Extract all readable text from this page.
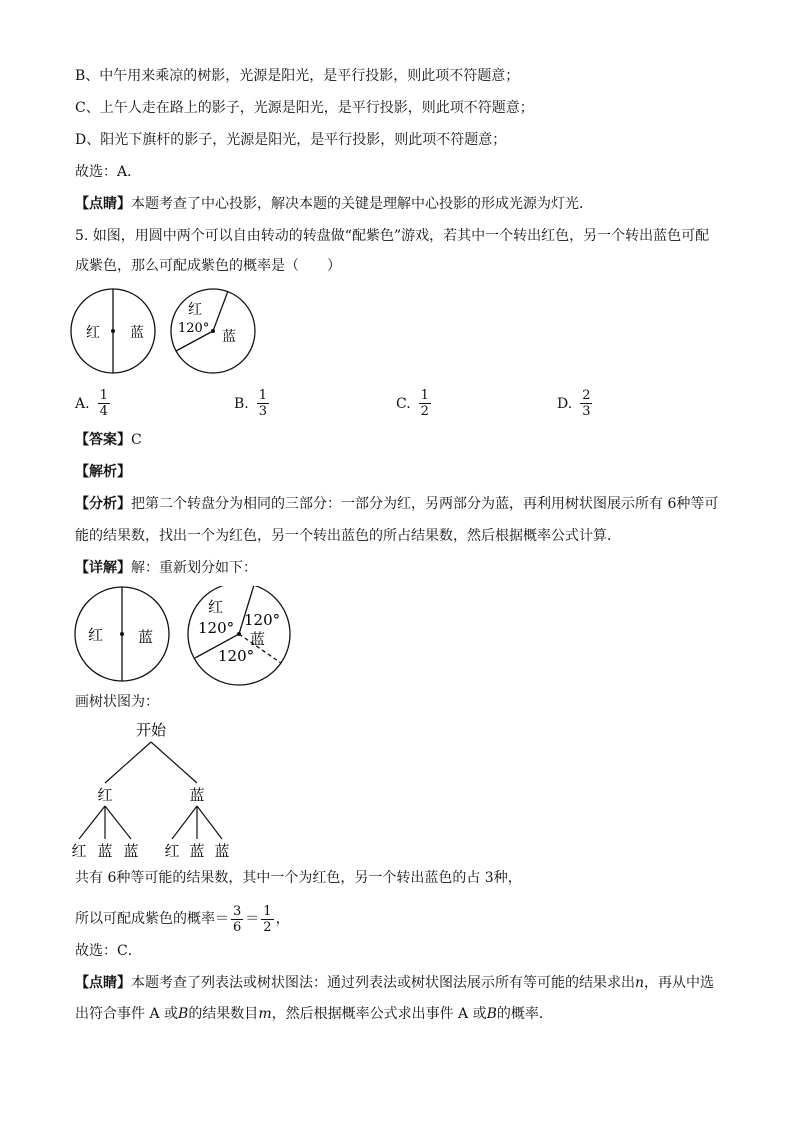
B、中午用来乘凉的树影，光源是阳光，是平行投影，则此项不符题意；
C、上午人走在路上的影子，光源是阳光，是平行投影，则此项不符题意；
D、阳光下旗杆的影子，光源是阳光，是平行投影，则此项不符题意；
故选：A．
【点睛】本题考查了中心投影，解决本题的关键是理解中心投影的形成光源为灯光．
5. 如图，用圆中两个可以自由转动的转盘做“配紫色”游戏，若其中一个转出红色，另一个转出蓝色可配
成紫色，那么可配成紫色的概率是（　　）
红 蓝
红
120°
蓝
A. $\frac{1}{4}$	B. $\frac{1}{3}$	C. $\frac{1}{2}$	D. $\frac{2}{3}$
【答案】C
【解析】
【分析】把第二个转盘分为相同的三部分：一部分为红，另两部分为蓝，再利用树状图展示所有 6种等可
能的结果数，找出一个为红色，另一个转出蓝色的所占结果数，然后根据概率公式计算．
【详解】解：重新划分如下：
红 蓝
红
120° 120°
蓝
120°
画树状图为：
开始
红	蓝
红 蓝 蓝 红 蓝 蓝
共有 6种等可能的结果数，其中一个为红色，另一个转出蓝色的占 3种，
所以可配成紫色的概率＝ $\frac{3}{6} = \frac{1}{2}$ ，
故选：C．
【点睛】本题考查了列表法或树状图法：通过列表法或树状图法展示所有等可能的结果求出n，再从中选
出符合事件 A 或B的结果数目m，然后根据概率公式求出事件 A 或B的概率．
